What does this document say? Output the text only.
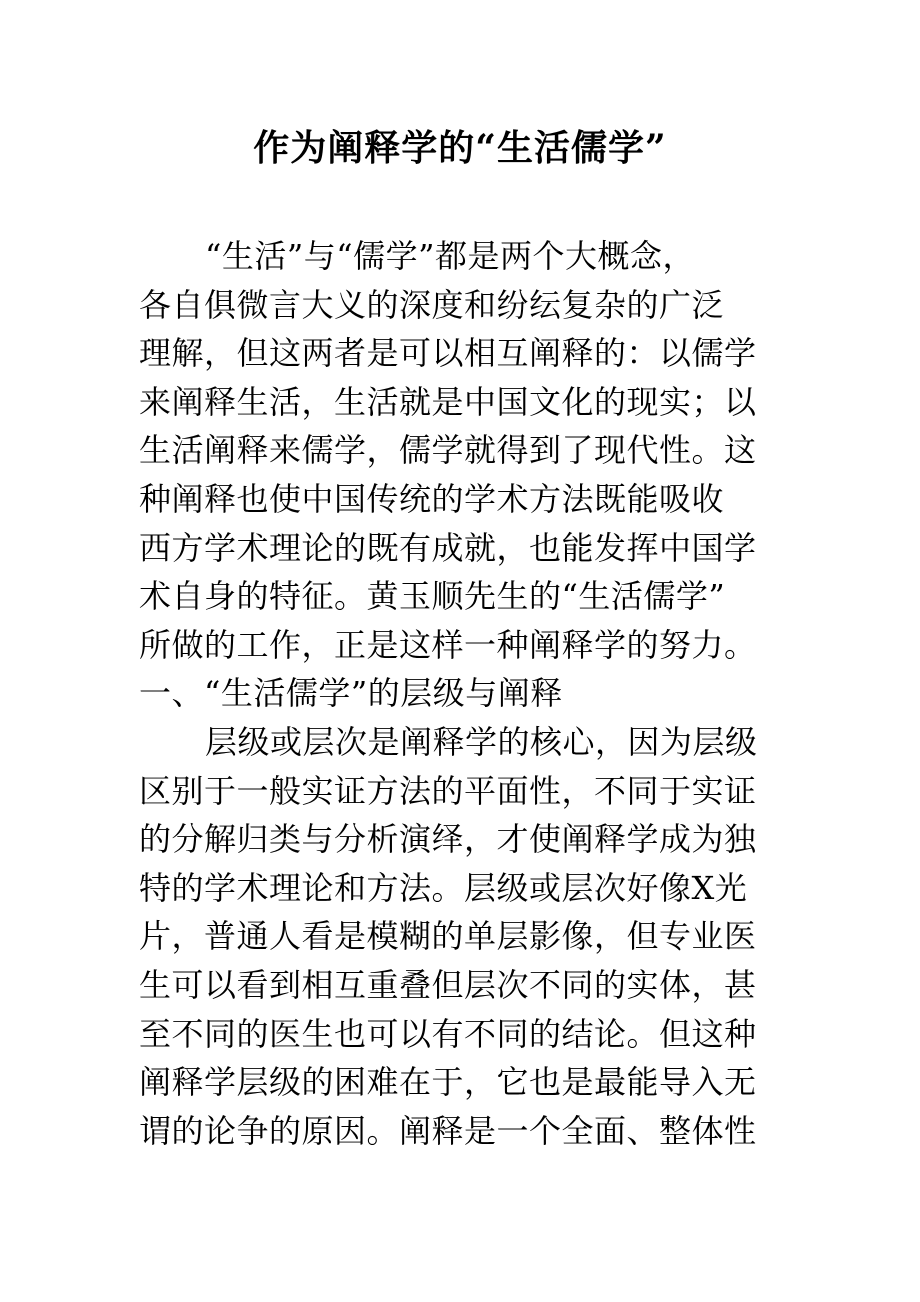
作为阐释学的“生活儒学”
“生活”与“儒学”都是两个大概念，
各自俱微言大义的深度和纷纭复杂的广泛
理解，但这两者是可以相互阐释的：以儒学
来阐释生活，生活就是中国文化的现实；以
生活阐释来儒学，儒学就得到了现代性。这
种阐释也使中国传统的学术方法既能吸收
西方学术理论的既有成就，也能发挥中国学
术自身的特征。黄玉顺先生的“生活儒学”
所做的工作，正是这样一种阐释学的努力。
一、“生活儒学”的层级与阐释
层级或层次是阐释学的核心，因为层级
区别于一般实证方法的平面性，不同于实证
的分解归类与分析演绎，才使阐释学成为独
特的学术理论和方法。层级或层次好像X光
片，普通人看是模糊的单层影像，但专业医
生可以看到相互重叠但层次不同的实体，甚
至不同的医生也可以有不同的结论。但这种
阐释学层级的困难在于，它也是最能导入无
谓的论争的原因。阐释是一个全面、整体性
